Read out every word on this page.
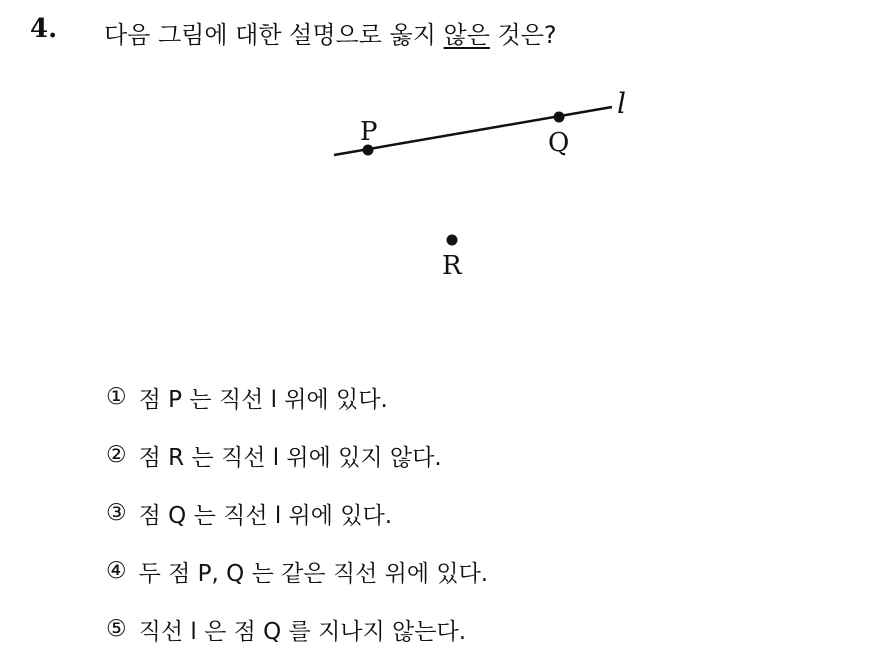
4. 다음 그림에 대한 설명으로 옳지 않은 것은?
l
P	Q
R
① 점 P 는 직선 l 위에 있다.
② 점 R 는 직선 l 위에 있지 않다.
③ 점 Q 는 직선 l 위에 있다.
④ 두 점 P, Q 는 같은 직선 위에 있다.
⑤ 직선 l 은 점 Q 를 지나지 않는다.
